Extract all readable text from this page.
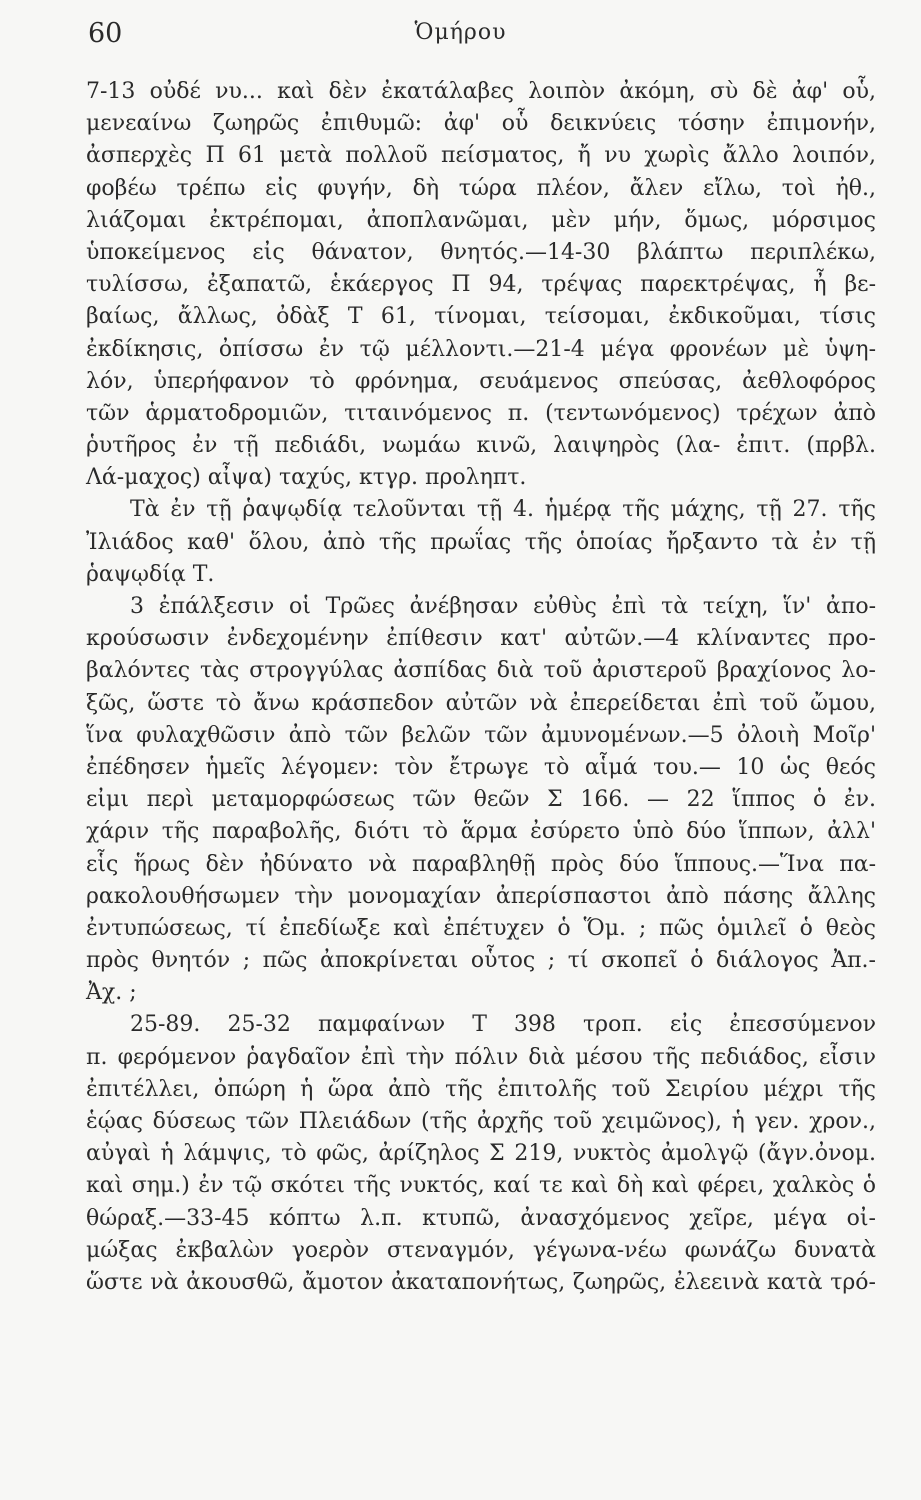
60	Ὁμήρου
7-13 οὐδέ νυ... καὶ δὲν ἐκατάλαβες λοιπὸν ἀκόμη, σὺ δὲ ἀφ' οὗ,
μενεαίνω ζωηρῶς ἐπιθυμῶ: ἀφ' οὗ δεικνύεις τόσην ἐπιμονήν,
ἀσπερχὲς Π 61 μετὰ πολλοῦ πείσματος, ἤ νυ χωρὶς ἄλλο λοιπόν,
φοβέω τρέπω εἰς φυγήν, δὴ τώρα πλέον, ἄλεν εἴλω, τοὶ ἠθ.,
λιάζομαι ἐκτρέπομαι, ἀποπλανῶμαι, μὲν μήν, ὅμως, μόρσιμος
ὑποκείμενος εἰς θάνατον, θνητός.—14-30 βλάπτω περιπλέκω,
τυλίσσω, ἐξαπατῶ, ἑκάεργος Π 94, τρέψας παρεκτρέψας, ἦ βε-
βαίως, ἄλλως, ὀδὰξ Τ 61, τίνομαι, τείσομαι, ἐκδικοῦμαι, τίσις
ἐκδίκησις, ὀπίσσω ἐν τῷ μέλλοντι.—21-4 μέγα φρονέων μὲ ὑψη-
λόν, ὑπερήφανον τὸ φρόνημα, σευάμενος σπεύσας, ἀεθλοφόρος
τῶν ἁρματοδρομιῶν, τιταινόμενος π. (τεντωνόμενος) τρέχων ἀπὸ
ῥυτῆρος ἐν τῇ πεδιάδι, νωμάω κινῶ, λαιψηρὸς (λα- ἐπιτ. (πρβλ.
Λά-μαχος) αἶψα) ταχύς, κτγρ. προληπτ.
Τὰ ἐν τῇ ῥαψῳδίᾳ τελοῦνται τῇ 4. ἡμέρᾳ τῆς μάχης, τῇ 27. τῆς
Ἰλιάδος καθ' ὅλου, ἀπὸ τῆς πρωΐας τῆς ὁποίας ἤρξαντο τὰ ἐν τῇ
ῥαψῳδίᾳ Τ.
3 ἐπάλξεσιν οἱ Τρῶες ἀνέβησαν εὐθὺς ἐπὶ τὰ τείχη, ἵν' ἀπο-
κρούσωσιν ἐνδεχομένην ἐπίθεσιν κατ' αὐτῶν.—4 κλίναντες προ-
βαλόντες τὰς στρογγύλας ἀσπίδας διὰ τοῦ ἀριστεροῦ βραχίονος λο-
ξῶς, ὥστε τὸ ἄνω κράσπεδον αὐτῶν νὰ ἐπερείδεται ἐπὶ τοῦ ὤμου,
ἵνα φυλαχθῶσιν ἀπὸ τῶν βελῶν τῶν ἀμυνομένων.—5 ὀλοιὴ Μοῖρ'
ἐπέδησεν ἡμεῖς λέγομεν: τὸν ἔτρωγε τὸ αἷμά του.— 10 ὡς θεός
εἰμι περὶ μεταμορφώσεως τῶν θεῶν Σ 166. — 22 ἵππος ὁ ἐν.
χάριν τῆς παραβολῆς, διότι τὸ ἅρμα ἐσύρετο ὑπὸ δύο ἵππων, ἀλλ'
εἷς ἥρως δὲν ἠδύνατο νὰ παραβληθῇ πρὸς δύο ἵππους.—Ἵνα πα-
ρακολουθήσωμεν τὴν μονομαχίαν ἀπερίσπαστοι ἀπὸ πάσης ἄλλης
ἐντυπώσεως, τί ἐπεδίωξε καὶ ἐπέτυχεν ὁ Ὅμ. ; πῶς ὁμιλεῖ ὁ θεὸς
πρὸς θνητόν ; πῶς ἀποκρίνεται οὗτος ; τί σκοπεῖ ὁ διάλογος Ἀπ.-
Ἀχ. ;
25-89. 25-32 παμφαίνων Τ 398 τροπ. εἰς ἐπεσσύμενον
π. φερόμενον ῥαγδαῖον ἐπὶ τὴν πόλιν διὰ μέσου τῆς πεδιάδος, εἶσιν
ἐπιτέλλει, ὀπώρη ἡ ὥρα ἀπὸ τῆς ἐπιτολῆς τοῦ Σειρίου μέχρι τῆς
ἑῴας δύσεως τῶν Πλειάδων (τῆς ἀρχῆς τοῦ χειμῶνος), ἡ γεν. χρον.,
αὐγαὶ ἡ λάμψις, τὸ φῶς, ἀρίζηλος Σ 219, νυκτὸς ἀμολγῷ (ἄγν.ὀνομ.
καὶ σημ.) ἐν τῷ σκότει τῆς νυκτός, καί τε καὶ δὴ καὶ φέρει, χαλκὸς ὁ
θώραξ.—33-45 κόπτω λ.π. κτυπῶ, ἀνασχόμενος χεῖρε, μέγα οἰ-
μώξας ἐκβαλὼν γοερὸν στεναγμόν, γέγωνα-νέω φωνάζω δυνατὰ
ὥστε νὰ ἀκουσθῶ, ἄμοτον ἀκαταπονήτως, ζωηρῶς, ἐλεεινὰ κατὰ τρό-
